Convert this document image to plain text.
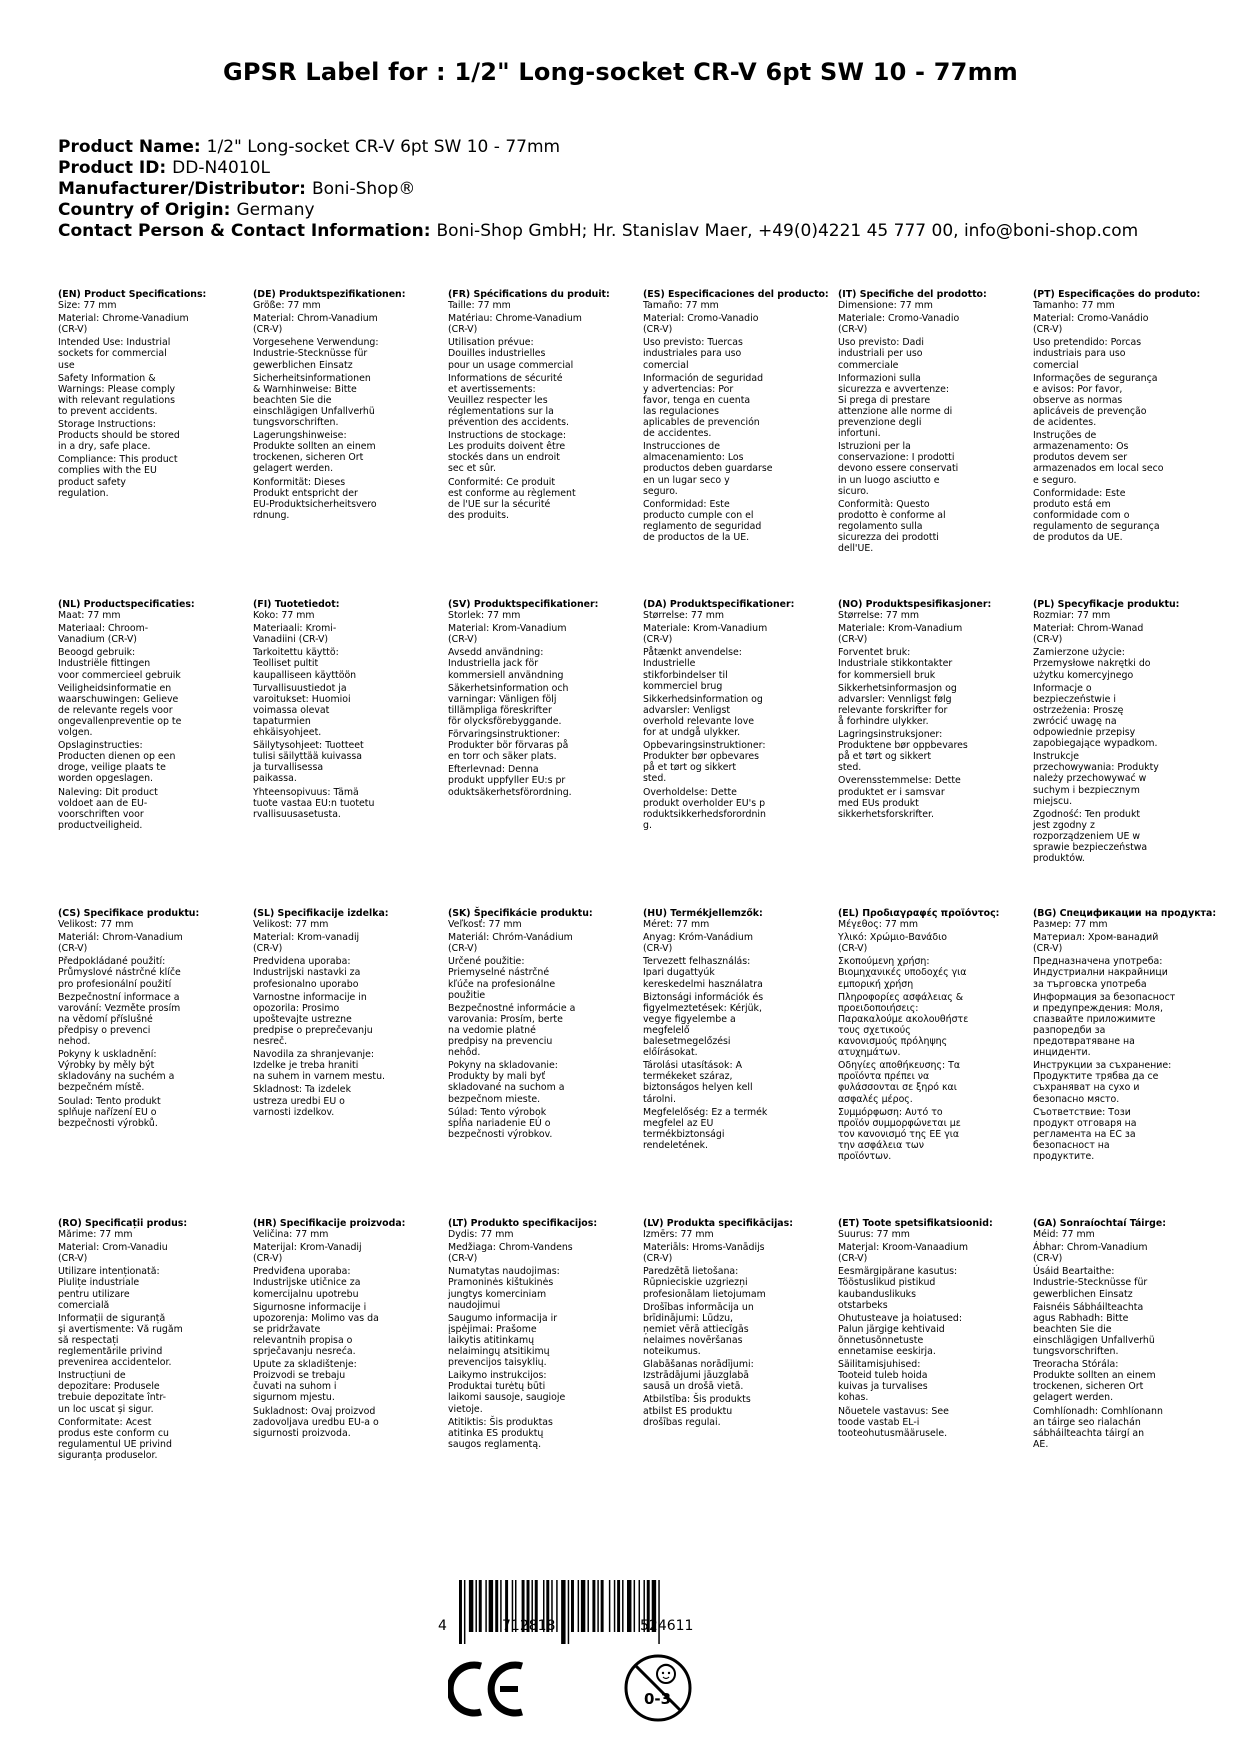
GPSR Label for : 1/2" Long-socket CR-V 6pt SW 10 - 77mm
Product Name: 1/2" Long-socket CR-V 6pt SW 10 - 77mm
Product ID: DD-N4010L
Manufacturer/Distributor: Boni-Shop®
Country of Origin: Germany
Contact Person & Contact Information: Boni-Shop GmbH; Hr. Stanislav Maer, +49(0)4221 45 777 00, info@boni-shop.com
(EN) Product Specifications:
Size: 77 mm
Material: Chrome-Vanadium
(CR-V)
Intended Use: Industrial
sockets for commercial
use
Safety Information &
Warnings: Please comply
with relevant regulations
to prevent accidents.
Storage Instructions:
Products should be stored
in a dry, safe place.
Compliance: This product
complies with the EU
product safety
regulation.
(DE) Produktspezifikationen:
Größe: 77 mm
Material: Chrom-Vanadium
(CR-V)
Vorgesehene Verwendung:
Industrie-Stecknüsse für
gewerblichen Einsatz
Sicherheitsinformationen
& Warnhinweise: Bitte
beachten Sie die
einschlägigen Unfallverhü
tungsvorschriften.
Lagerungshinweise:
Produkte sollten an einem
trockenen, sicheren Ort
gelagert werden.
Konformität: Dieses
Produkt entspricht der
EU-Produktsicherheitsvero
rdnung.
(FR) Spécifications du produit:
Taille: 77 mm
Matériau: Chrome-Vanadium
(CR-V)
Utilisation prévue:
Douilles industrielles
pour un usage commercial
Informations de sécurité
et avertissements:
Veuillez respecter les
réglementations sur la
prévention des accidents.
Instructions de stockage:
Les produits doivent être
stockés dans un endroit
sec et sûr.
Conformité: Ce produit
est conforme au règlement
de l'UE sur la sécurité
des produits.
(ES) Especificaciones del producto:
Tamaño: 77 mm
Material: Cromo-Vanadio
(CR-V)
Uso previsto: Tuercas
industriales para uso
comercial
Información de seguridad
y advertencias: Por
favor, tenga en cuenta
las regulaciones
aplicables de prevención
de accidentes.
Instrucciones de
almacenamiento: Los
productos deben guardarse
en un lugar seco y
seguro.
Conformidad: Este
producto cumple con el
reglamento de seguridad
de productos de la UE.
(IT) Specifiche del prodotto:
Dimensione: 77 mm
Materiale: Cromo-Vanadio
(CR-V)
Uso previsto: Dadi
industriali per uso
commerciale
Informazioni sulla
sicurezza e avvertenze:
Si prega di prestare
attenzione alle norme di
prevenzione degli
infortuni.
Istruzioni per la
conservazione: I prodotti
devono essere conservati
in un luogo asciutto e
sicuro.
Conformità: Questo
prodotto è conforme al
regolamento sulla
sicurezza dei prodotti
dell'UE.
(PT) Especificações do produto:
Tamanho: 77 mm
Material: Cromo-Vanádio
(CR-V)
Uso pretendido: Porcas
industriais para uso
comercial
Informações de segurança
e avisos: Por favor,
observe as normas
aplicáveis de prevenção
de acidentes.
Instruções de
armazenamento: Os
produtos devem ser
armazenados em local seco
e seguro.
Conformidade: Este
produto está em
conformidade com o
regulamento de segurança
de produtos da UE.
(NL) Productspecificaties:
Maat: 77 mm
Materiaal: Chroom-
Vanadium (CR-V)
Beoogd gebruik:
Industriële fittingen
voor commercieel gebruik
Veiligheidsinformatie en
waarschuwingen: Gelieve
de relevante regels voor
ongevallenpreventie op te
volgen.
Opslaginstructies:
Producten dienen op een
droge, veilige plaats te
worden opgeslagen.
Naleving: Dit product
voldoet aan de EU-
voorschriften voor
productveiligheid.
(FI) Tuotetiedot:
Koko: 77 mm
Materiaali: Kromi-
Vanadiini (CR-V)
Tarkoitettu käyttö:
Teolliset pultit
kaupalliseen käyttöön
Turvallisuustiedot ja
varoitukset: Huomioi
voimassa olevat
tapaturmien
ehkäisyohjeet.
Säilytysohjeet: Tuotteet
tulisi säilyttää kuivassa
ja turvallisessa
paikassa.
Yhteensopivuus: Tämä
tuote vastaa EU:n tuotetu
rvallisuusasetusta.
(SV) Produktspecifikationer:
Storlek: 77 mm
Material: Krom-Vanadium
(CR-V)
Avsedd användning:
Industriella jack för
kommersiell användning
Säkerhetsinformation och
varningar: Vänligen följ
tillämpliga föreskrifter
för olycksförebyggande.
Förvaringsinstruktioner:
Produkter bör förvaras på
en torr och säker plats.
Efterlevnad: Denna
produkt uppfyller EU:s pr
oduktsäkerhetsförordning.
(DA) Produktspecifikationer:
Størrelse: 77 mm
Materiale: Krom-Vanadium
(CR-V)
Påtænkt anvendelse:
Industrielle
stikforbindelser til
kommerciel brug
Sikkerhedsinformation og
advarsler: Venligst
overhold relevante love
for at undgå ulykker.
Opbevaringsinstruktioner:
Produkter bør opbevares
på et tørt og sikkert
sted.
Overholdelse: Dette
produkt overholder EU's p
roduktsikkerhedsforordnin
g.
(NO) Produktspesifikasjoner:
Størrelse: 77 mm
Materiale: Krom-Vanadium
(CR-V)
Forventet bruk:
Industriale stikkontakter
for kommersiell bruk
Sikkerhetsinformasjon og
advarsler: Vennligst følg
relevante forskrifter for
å forhindre ulykker.
Lagringsinstruksjoner:
Produktene bør oppbevares
på et tørt og sikkert
sted.
Overensstemmelse: Dette
produktet er i samsvar
med EUs produkt
sikkerhetsforskrifter.
(PL) Specyfikacje produktu:
Rozmiar: 77 mm
Materiał: Chrom-Wanad
(CR-V)
Zamierzone użycie:
Przemysłowe nakrętki do
użytku komercyjnego
Informacje o
bezpieczeństwie i
ostrzeżenia: Proszę
zwrócić uwagę na
odpowiednie przepisy
zapobiegające wypadkom.
Instrukcje
przechowywania: Produkty
należy przechowywać w
suchym i bezpiecznym
miejscu.
Zgodność: Ten produkt
jest zgodny z
rozporządzeniem UE w
sprawie bezpieczeństwa
produktów.
(CS) Specifikace produktu:
Velikost: 77 mm
Materiál: Chrom-Vanadium
(CR-V)
Předpokládané použití:
Průmyslové nástrčné klíče
pro profesionální použití
Bezpečnostní informace a
varování: Vezměte prosím
na vědomí příslušné
předpisy o prevenci
nehod.
Pokyny k uskladnění:
Výrobky by měly být
skladovány na suchém a
bezpečném místě.
Soulad: Tento produkt
splňuje nařízení EU o
bezpečnosti výrobků.
(SL) Specifikacije izdelka:
Velikost: 77 mm
Material: Krom-vanadij
(CR-V)
Predvidena uporaba:
Industrijski nastavki za
profesionalno uporabo
Varnostne informacije in
opozorila: Prosimo
upoštevajte ustrezne
predpise o preprečevanju
nesreč.
Navodila za shranjevanje:
Izdelke je treba hraniti
na suhem in varnem mestu.
Skladnost: Ta izdelek
ustreza uredbi EU o
varnosti izdelkov.
(SK) Špecifikácie produktu:
Veľkosť: 77 mm
Materiál: Chróm-Vanádium
(CR-V)
Určené použitie:
Priemyselné nástrčné
kľúče na profesionálne
použitie
Bezpečnostné informácie a
varovania: Prosím, berte
na vedomie platné
predpisy na prevenciu
nehôd.
Pokyny na skladovanie:
Produkty by mali byť
skladované na suchom a
bezpečnom mieste.
Súlad: Tento výrobok
spĺňa nariadenie EÚ o
bezpečnosti výrobkov.
(HU) Termékjellemzők:
Méret: 77 mm
Anyag: Króm-Vanádium
(CR-V)
Tervezett felhasználás:
Ipari dugattyúk
kereskedelmi használatra
Biztonsági információk és
figyelmeztetések: Kérjük,
vegye figyelembe a
megfelelő
balesetmegelőzési
előírásokat.
Tárolási utasítások: A
termékeket száraz,
biztonságos helyen kell
tárolni.
Megfelelőség: Ez a termék
megfelel az EU
termékbiztonsági
rendeletének.
(EL) Προδιαγραφές προϊόντος:
Μέγεθος: 77 mm
Υλικό: Χρώμιο-Βανάδιο
(CR-V)
Σκοπούμενη χρήση:
Βιομηχανικές υποδοχές για
εμπορική χρήση
Πληροφορίες ασφάλειας &
προειδοποιήσεις:
Παρακαλούμε ακολουθήστε
τους σχετικούς
κανονισμούς πρόληψης
ατυχημάτων.
Οδηγίες αποθήκευσης: Τα
προϊόντα πρέπει να
φυλάσσονται σε ξηρό και
ασφαλές μέρος.
Συμμόρφωση: Αυτό το
προϊόν συμμορφώνεται με
τον κανονισμό της ΕΕ για
την ασφάλεια των
προϊόντων.
(BG) Спецификации на продукта:
Размер: 77 mm
Материал: Хром-ванадий
(CR-V)
Предназначена употреба:
Индустриални накрайници
за търговска употреба
Информация за безопасност
и предупреждения: Моля,
спазвайте приложимите
разпоредби за
предотвратяване на
инциденти.
Инструкции за съхранение:
Продуктите трябва да се
съхраняват на сухо и
безопасно място.
Съответствие: Този
продукт отговаря на
регламента на ЕС за
безопасност на
продуктите.
(RO) Specificații produs:
Mărime: 77 mm
Material: Crom-Vanadiu
(CR-V)
Utilizare intenționată:
Piulițe industriale
pentru utilizare
comercială
Informații de siguranță
și avertismente: Vă rugăm
să respectați
reglementările privind
prevenirea accidentelor.
Instrucțiuni de
depozitare: Produsele
trebuie depozitate într-
un loc uscat și sigur.
Conformitate: Acest
produs este conform cu
regulamentul UE privind
siguranța produselor.
(HR) Specifikacije proizvoda:
Veličina: 77 mm
Materijal: Krom-Vanadij
(CR-V)
Predviđena uporaba:
Industrijske utičnice za
komercijalnu upotrebu
Sigurnosne informacije i
upozorenja: Molimo vas da
se pridržavate
relevantnih propisa o
sprječavanju nesreća.
Upute za skladištenje:
Proizvodi se trebaju
čuvati na suhom i
sigurnom mjestu.
Sukladnost: Ovaj proizvod
zadovoljava uredbu EU-a o
sigurnosti proizvoda.
(LT) Produkto specifikacijos:
Dydis: 77 mm
Medžiaga: Chrom-Vandens
(CR-V)
Numatytas naudojimas:
Pramoninės kištukinės
jungtys komerciniam
naudojimui
Saugumo informacija ir
įspėjimai: Prašome
laikytis atitinkamų
nelaimingų atsitikimų
prevencijos taisyklių.
Laikymo instrukcijos:
Produktai turėtų būti
laikomi sausoje, saugioje
vietoje.
Atitiktis: Šis produktas
atitinka ES produktų
saugos reglamentą.
(LV) Produkta specifikācijas:
Izmērs: 77 mm
Materiāls: Hroms-Vanādijs
(CR-V)
Paredzētā lietošana:
Rūpnieciskie uzgriezņi
profesionālam lietojumam
Drošības informācija un
brīdinājumi: Lūdzu,
ņemiet vērā attiecīgās
nelaimes novēršanas
noteikumus.
Glabāšanas norādījumi:
Izstrādājumi jāuzglabā
sausā un drošā vietā.
Atbilstība: Šis produkts
atbilst ES produktu
drošības regulai.
(ET) Toote spetsifikatsioonid:
Suurus: 77 mm
Materjal: Kroom-Vanaadium
(CR-V)
Eesmärgipärane kasutus:
Tööstuslikud pistikud
kaubanduslikuks
otstarbeks
Ohutusteave ja hoiatused:
Palun järgige kehtivaid
õnnetusõnnetuste
ennetamise eeskirja.
Säilitamisjuhised:
Tooteid tuleb hoida
kuivas ja turvalises
kohas.
Nõuetele vastavus: See
toode vastab EL-i
tooteohutusmäärusele.
(GA) Sonraíochtaí Táirge:
Méid: 77 mm
Ábhar: Chrom-Vanadium
(CR-V)
Úsáid Beartaithe:
Industrie-Stecknüsse für
gewerblichen Einsatz
Faisnéis Sábháilteachta
agus Rabhadh: Bitte
beachten Sie die
einschlägigen Unfallverhü
tungsvorschriften.
Treoracha Stórála:
Produkte sollten an einem
trockenen, sicheren Ort
gelagert werden.
Comhlíonadh: Comhlíonann
an táirge seo rialachán
sábháilteachta táirgí an
AE.
4	712818	524611
0-3
